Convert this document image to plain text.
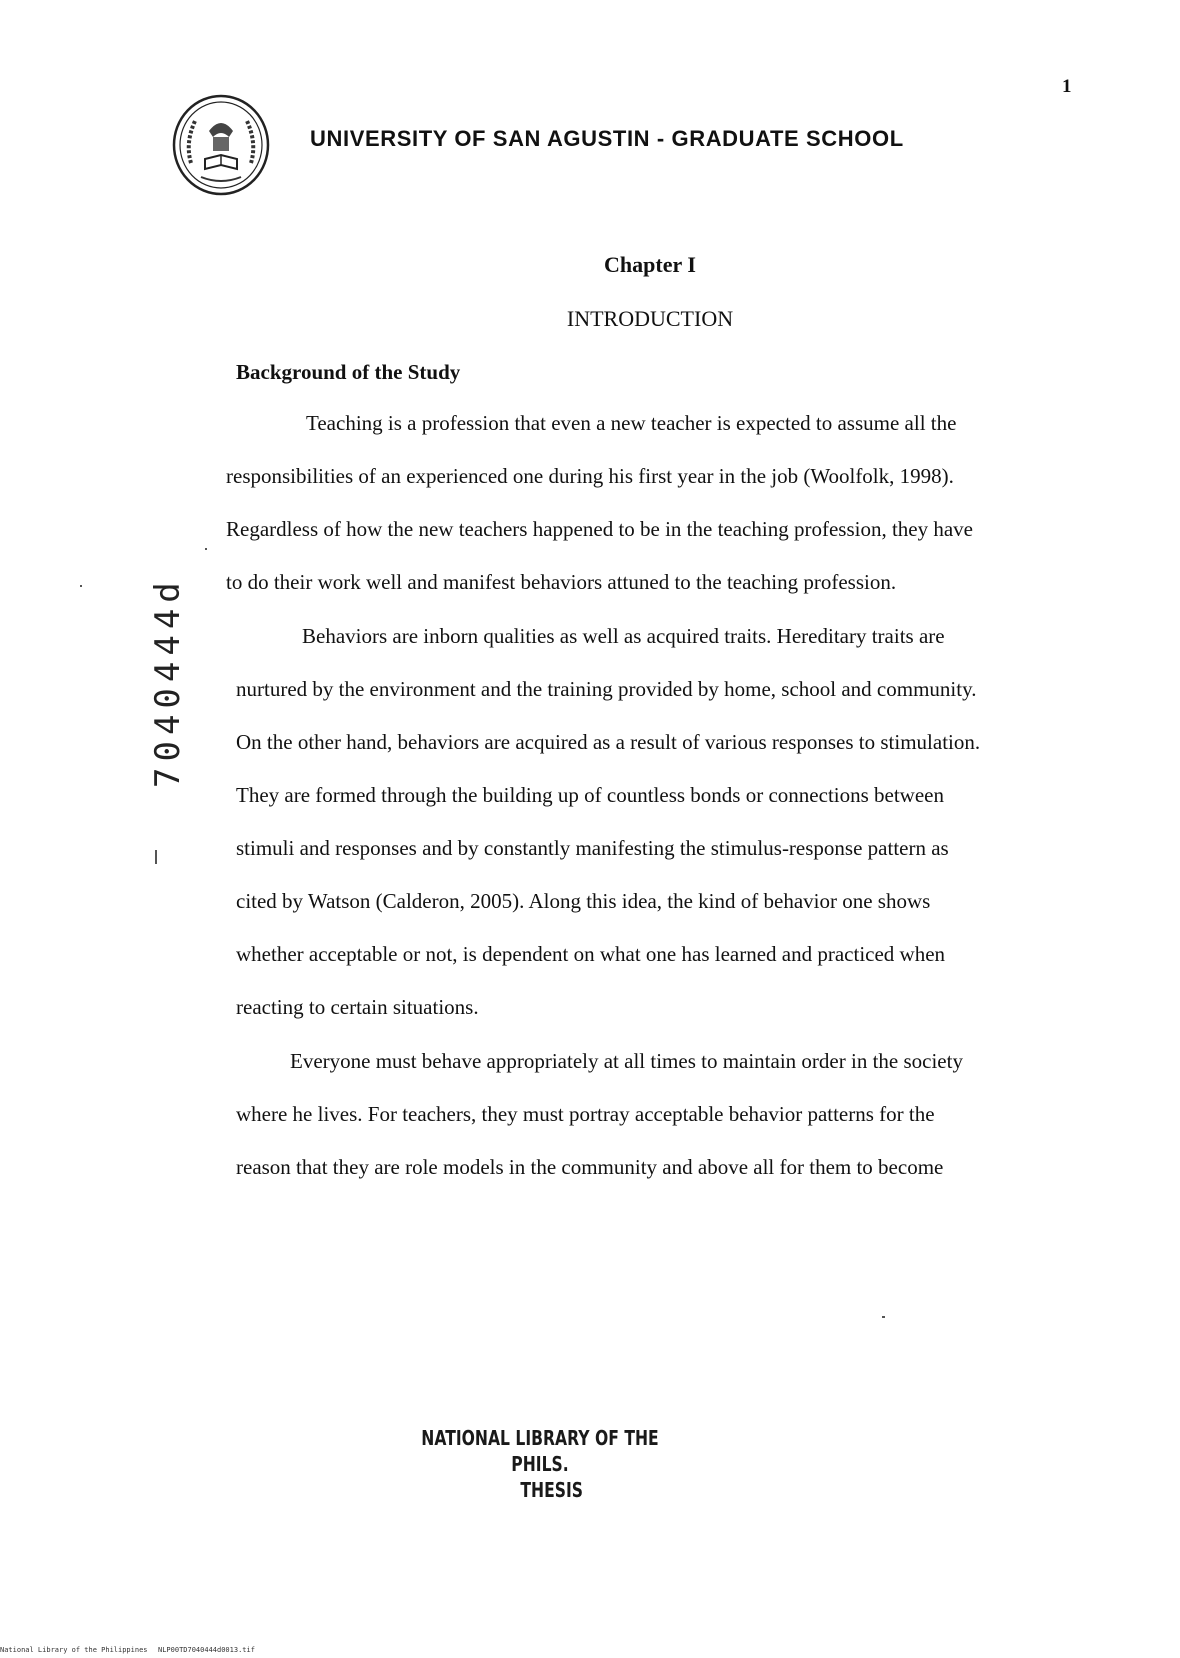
1
UNIVERSITY OF SAN AGUSTIN - GRADUATE SCHOOL
Chapter I
INTRODUCTION
Background of the Study
Teaching is a profession that even a new teacher is expected to assume all the
responsibilities of an experienced one during his first year in the job (Woolfolk, 1998).
Regardless of how the new teachers happened to be in the teaching profession, they have
to do their work well and manifest behaviors attuned to the teaching profession.
Behaviors are inborn qualities as well as acquired traits. Hereditary traits are
nurtured by the environment and the training provided by home, school and community.
On the other hand, behaviors are acquired as a result of various responses to stimulation.
They are formed through the building up of countless bonds or connections between
stimuli and responses and by constantly manifesting the stimulus-response pattern as
cited by Watson (Calderon, 2005). Along this idea, the kind of behavior one shows
whether acceptable or not, is dependent on what one has learned and practiced when
reacting to certain situations.
Everyone must behave appropriately at all times to maintain order in the society
where he lives. For teachers, they must portray acceptable behavior patterns for the
reason that they are role models in the community and above all for them to become
7040444d
NATIONAL LIBRARY OF THE PHILS.
THESIS
National Library of the Philippines NLP00TD7040444d0013.tif
